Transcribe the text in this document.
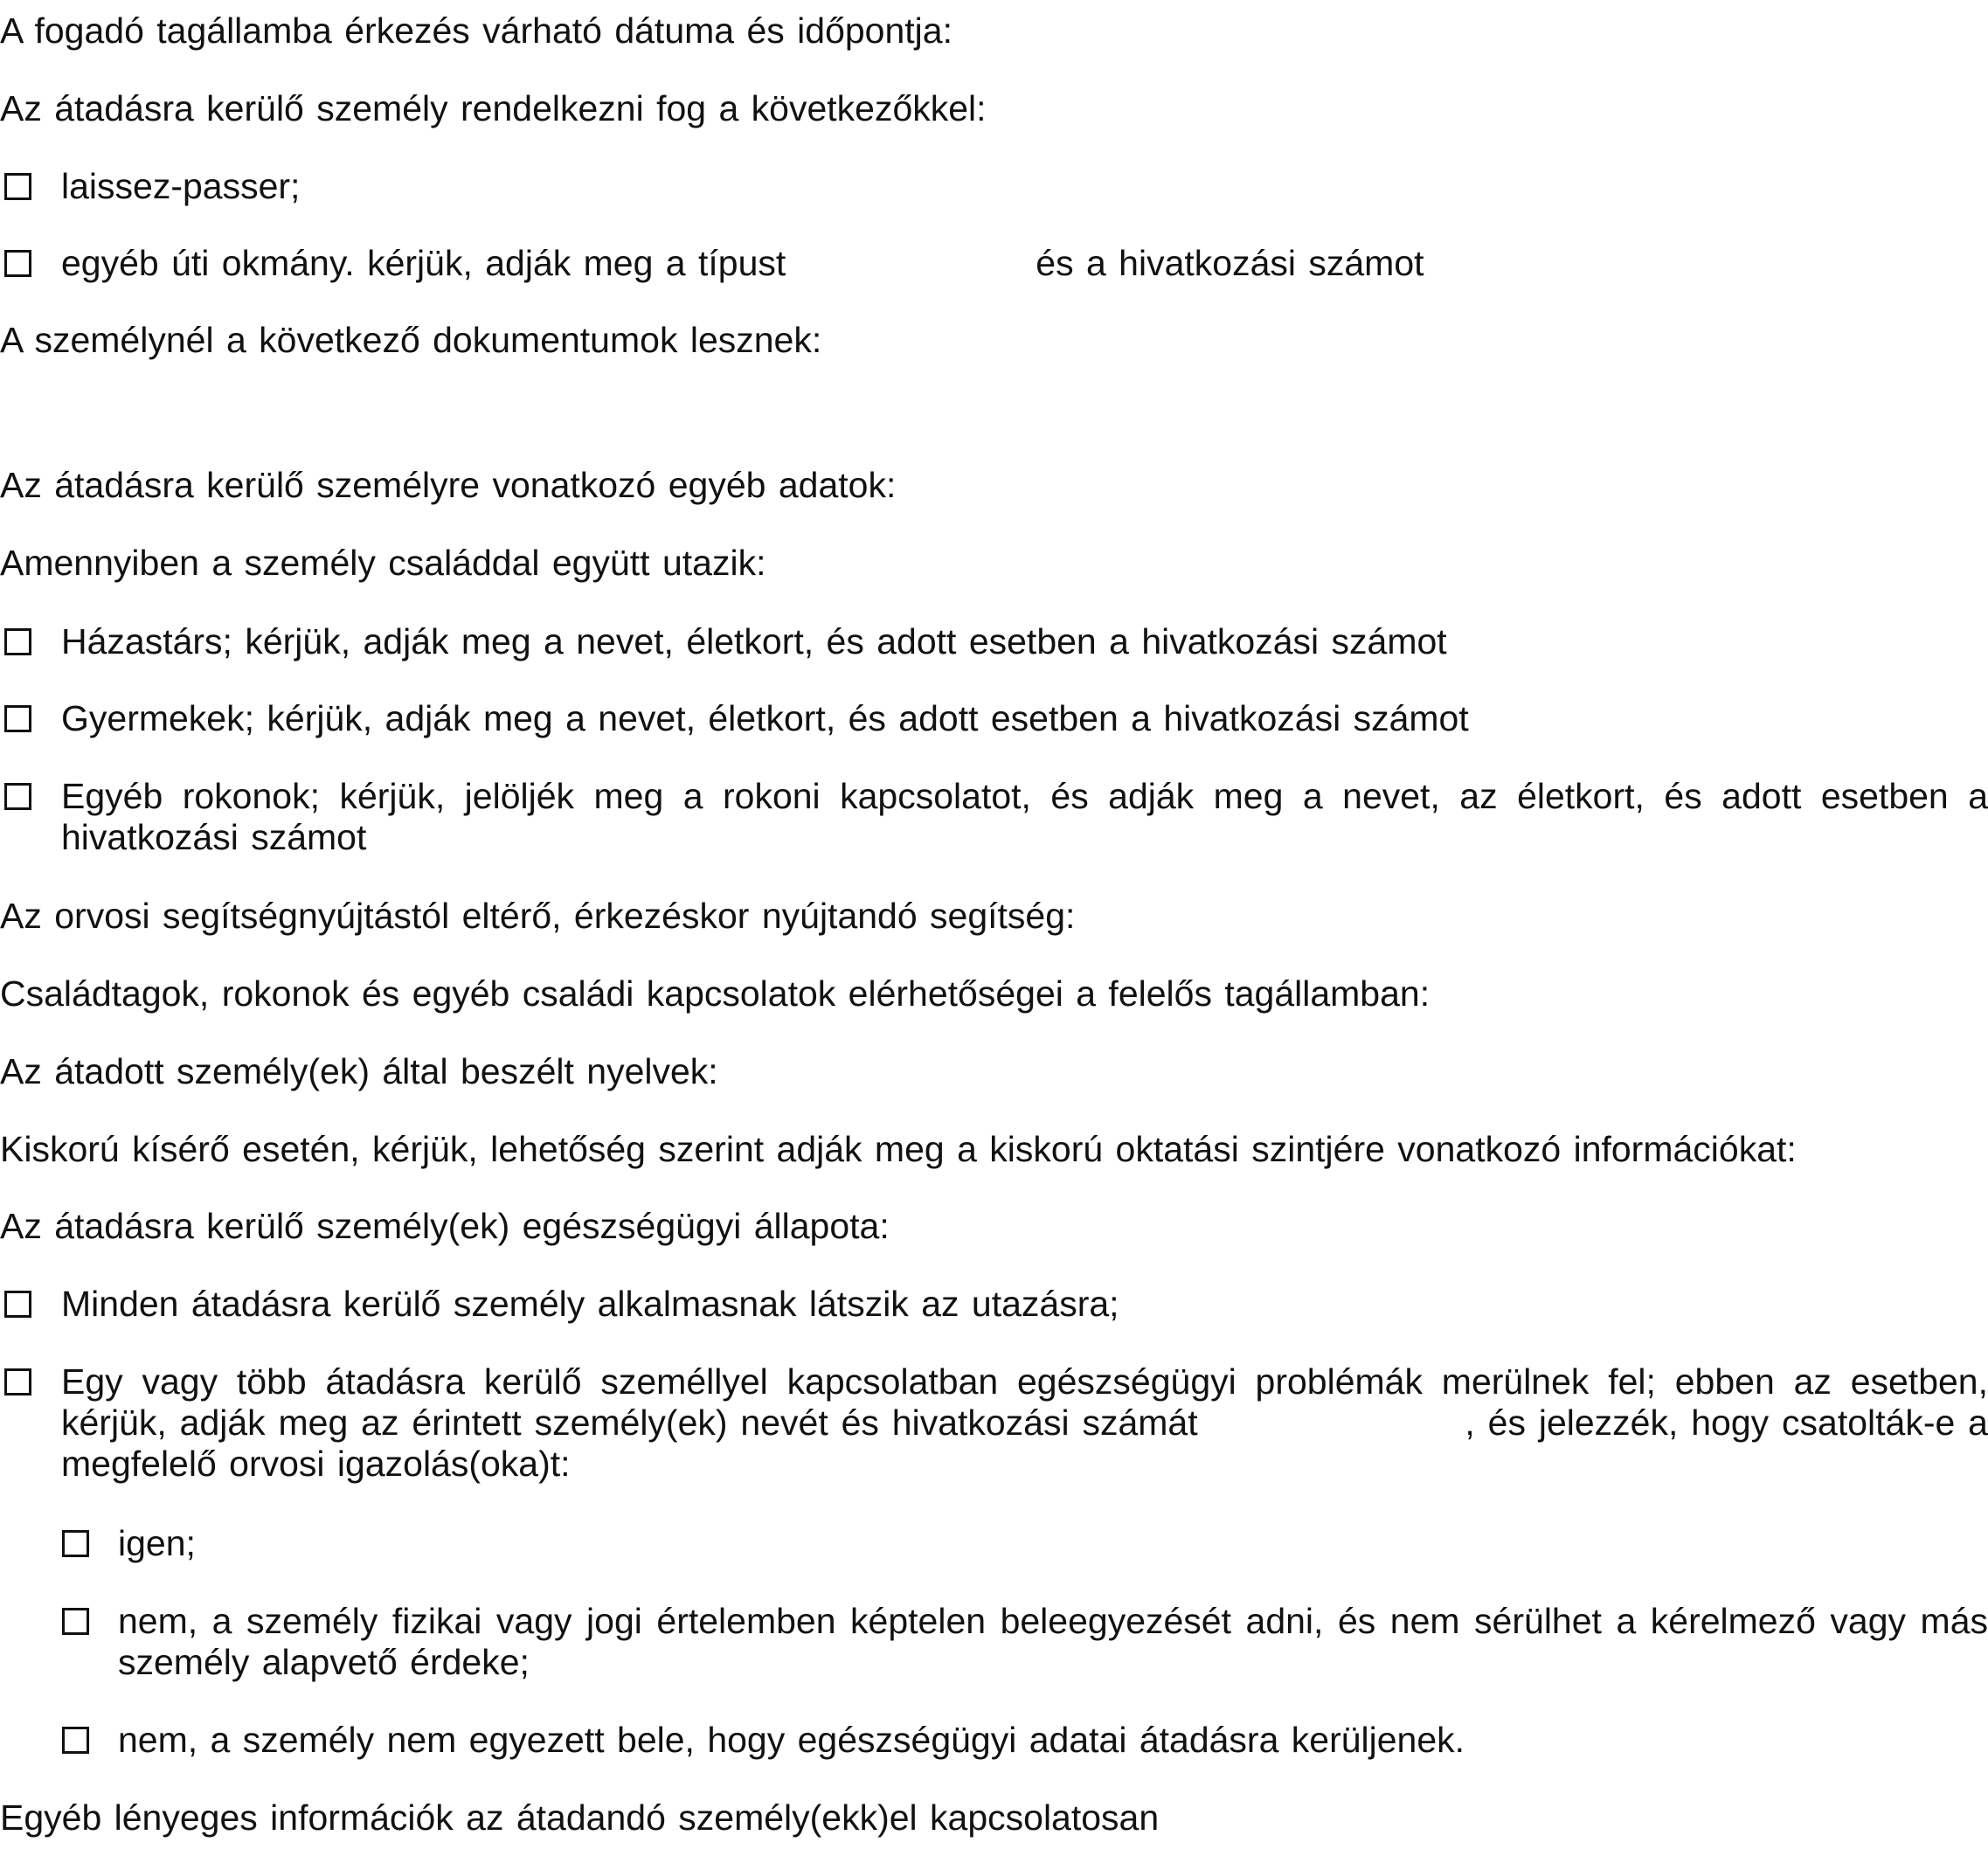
A fogadó tagállamba érkezés várható dátuma és időpontja:
Az átadásra kerülő személy rendelkezni fog a következőkkel:
laissez-passer;
egyéb úti okmány. kérjük, adják meg a típust	és a hivatkozási számot
A személynél a következő dokumentumok lesznek:
Az átadásra kerülő személyre vonatkozó egyéb adatok:
Amennyiben a személy családdal együtt utazik:
Házastárs; kérjük, adják meg a nevet, életkort, és adott esetben a hivatkozási számot
Gyermekek; kérjük, adják meg a nevet, életkort, és adott esetben a hivatkozási számot
Egyéb rokonok; kérjük, jelöljék meg a rokoni kapcsolatot, és adják meg a nevet, az életkort, és adott esetben a
hivatkozási számot
Az orvosi segítségnyújtástól eltérő, érkezéskor nyújtandó segítség:
Családtagok, rokonok és egyéb családi kapcsolatok elérhetőségei a felelős tagállamban:
Az átadott személy(ek) által beszélt nyelvek:
Kiskorú kísérő esetén, kérjük, lehetőség szerint adják meg a kiskorú oktatási szintjére vonatkozó információkat:
Az átadásra kerülő személy(ek) egészségügyi állapota:
Minden átadásra kerülő személy alkalmasnak látszik az utazásra;
Egy vagy több átadásra kerülő személlyel kapcsolatban egészségügyi problémák merülnek fel; ebben az esetben,
kérjük, adják meg az érintett személy(ek) nevét és hivatkozási számát	, és jelezzék, hogy csatolták-e a
megfelelő orvosi igazolás(oka)t:
igen;
nem, a személy fizikai vagy jogi értelemben képtelen beleegyezését adni, és nem sérülhet a kérelmező vagy más
személy alapvető érdeke;
nem, a személy nem egyezett bele, hogy egészségügyi adatai átadásra kerüljenek.
Egyéb lényeges információk az átadandó személy(ekk)el kapcsolatosan
